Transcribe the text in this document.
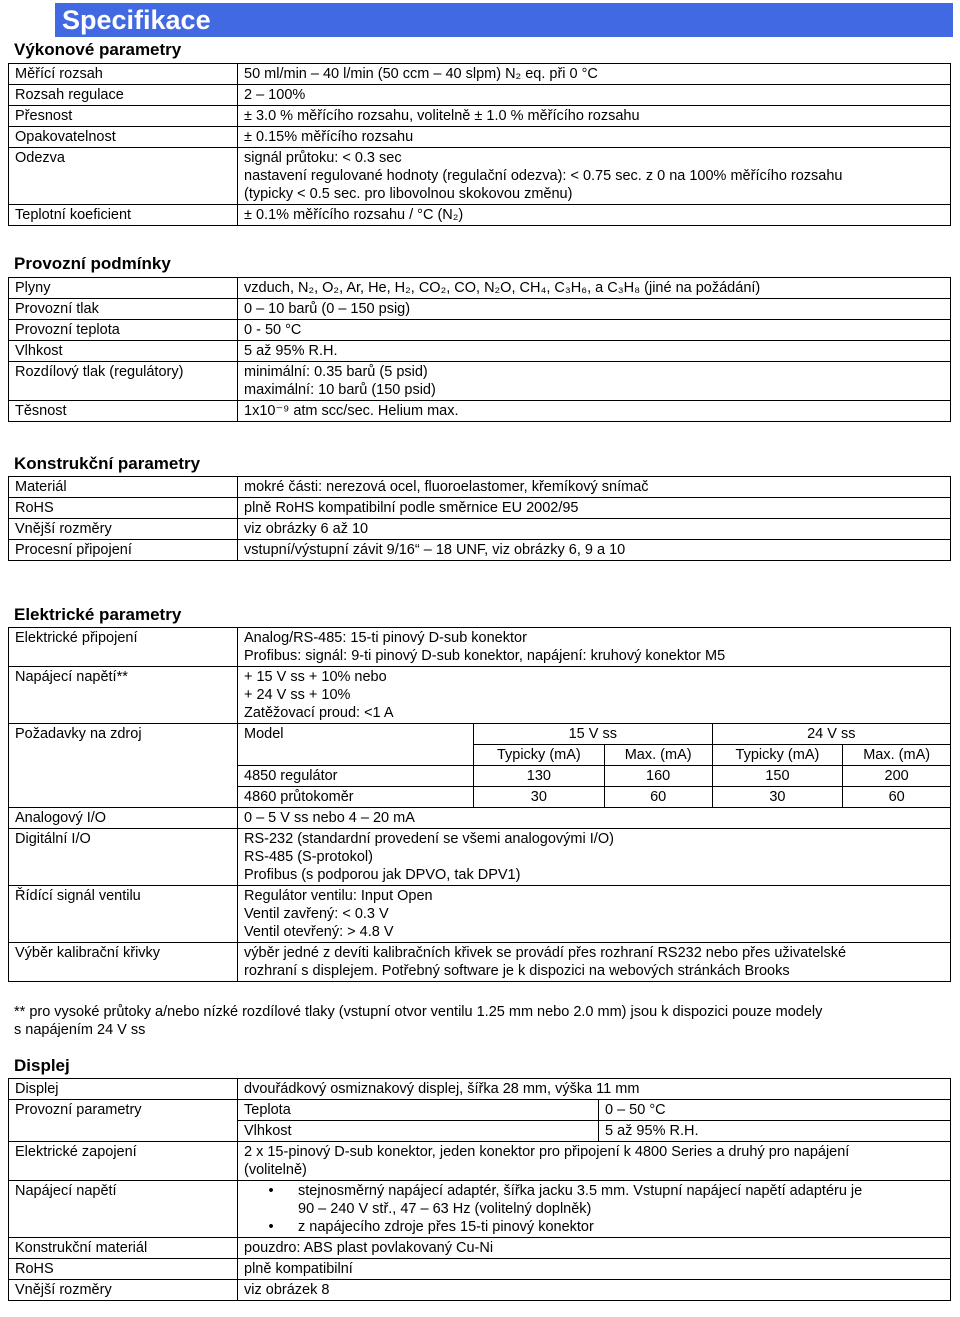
Specifikace
Výkonové parametry
Měřící rozsah	50 ml/min – 40 l/min (50 ccm – 40 slpm) N₂ eq. při 0 °C

Rozsah regulace	2 – 100%

Přesnost	± 3.0 % měřícího rozsahu, volitelně ± 1.0 % měřícího rozsahu

Opakovatelnost	± 0.15% měřícího rozsahu

Odezva	signál průtoku: < 0.3 sec
nastavení regulované hodnoty (regulační odezva): < 0.75 sec. z 0 na 100% měřícího rozsahu
(typicky < 0.5 sec. pro libovolnou skokovou změnu)

Teplotní koeficient	± 0.1% měřícího rozsahu / °C (N₂)
Provozní podmínky
Plyny	vzduch, N₂, O₂, Ar, He, H₂, CO₂, CO, N₂O, CH₄, C₃H₆, a C₃H₈ (jiné na požádání)

Provozní tlak	0 – 10 barů (0 – 150 psig)

Provozní teplota	0 - 50 °C

Vlhkost	5 až 95% R.H.

Rozdílový tlak (regulátory)	minimální: 0.35 barů (5 psid)
maximální: 10 barů (150 psid)

Těsnost	1x10⁻⁹ atm scc/sec. Helium max.
Konstrukční parametry
Materiál	mokré části: nerezová ocel, fluoroelastomer, křemíkový snímač

RoHS	plně RoHS kompatibilní podle směrnice EU 2002/95

Vnější rozměry	viz obrázky 6 až 10

Procesní připojení	vstupní/výstupní závit 9/16“ – 18 UNF, viz obrázky 6, 9 a 10
Elektrické parametry
Elektrické připojení	Analog/RS-485: 15-ti pinový D-sub konektor
Profibus: signál: 9-ti pinový D-sub konektor, napájení: kruhový konektor M5

Napájecí napětí**	+ 15 V ss + 10% nebo
+ 24 V ss + 10%
Zatěžovací proud: <1 A

Požadavky na zdroj		Model	15 V ss	24 V ss
	Typicky (mA)	Max. (mA)	Typicky (mA)	Max. (mA)
4850 regulátor	130	160	150	200
4860 průtokoměr	30	60	30	60

Analogový I/O	0 – 5 V ss nebo 4 – 20 mA

Digitální I/O	RS-232 (standardní provedení se všemi analogovými I/O)
RS-485 (S-protokol)
Profibus (s podporou jak DPVO, tak DPV1)

Řídící signál ventilu	Regulátor ventilu: Input Open
Ventil zavřený: < 0.3 V
Ventil otevřený: > 4.8 V

Výběr kalibrační křivky	výběr jedné z devíti kalibračních křivek se provádí přes rozhraní RS232 nebo přes uživatelské
rozhraní s displejem. Potřebný software je k dispozici na webových stránkách Brooks
** pro vysoké průtoky a/nebo nízké rozdílové tlaky (vstupní otvor ventilu 1.25 mm nebo 2.0 mm) jsou k dispozici pouze modely
s napájením 24 V ss
Displej
Displej	dvouřádkový osmiznakový displej, šířka 28 mm, výška 11 mm
Provozní parametry		Teplota	0 – 50 °C
Vlhkost	5 až 95% R.H.

Elektrické zapojení	2 x 15-pinový D-sub konektor, jeden konektor pro připojení k 4800 Series a druhý pro napájení
(volitelně)

Napájecí napětí	•	stejnosměrný napájecí adaptér, šířka jacku 3.5 mm. Vstupní napájecí napětí adaptéru je
90 – 240 V stř., 47 – 63 Hz (volitelný doplněk)
•	z napájecího zdroje přes 15-ti pinový konektor

Konstrukční materiál	pouzdro: ABS plast povlakovaný Cu-Ni
RoHS	plně kompatibilní
Vnější rozměry	viz obrázek 8
